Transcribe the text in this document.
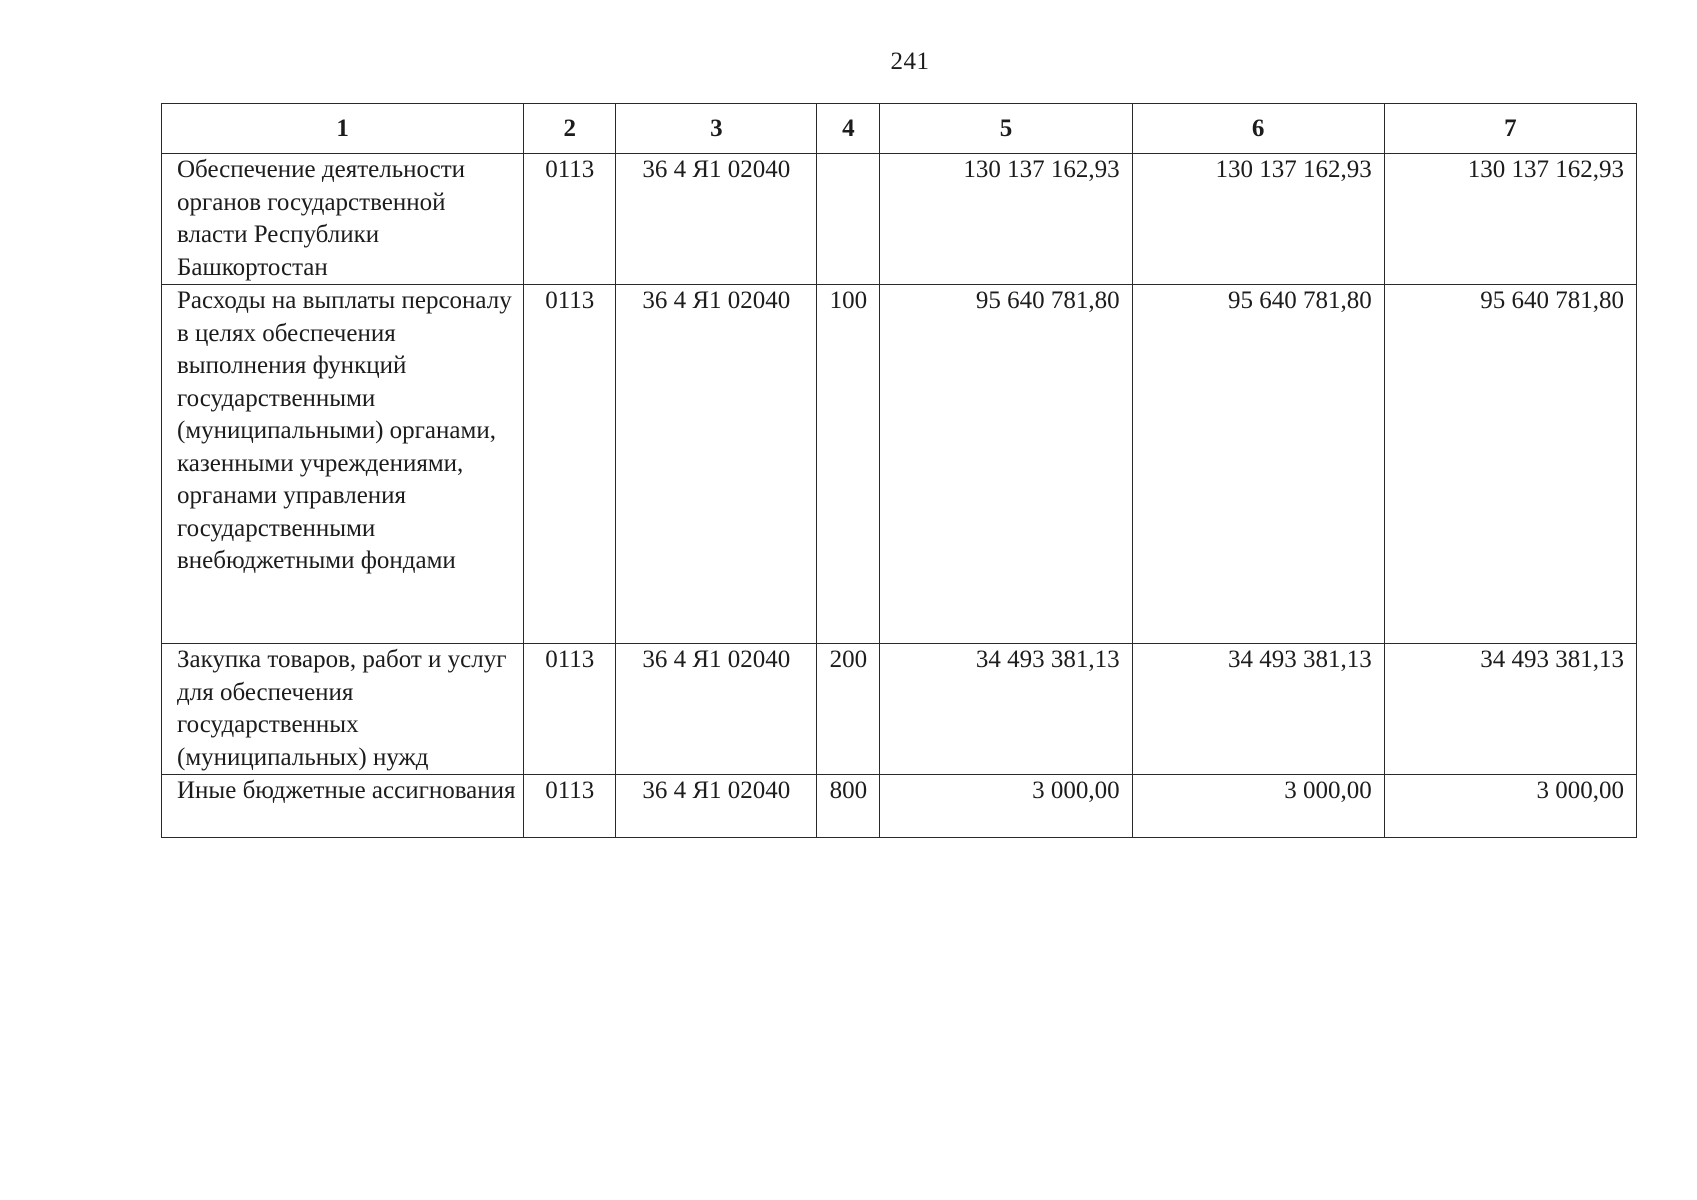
241
1	2	3	4	5	6	7
Обеспечение деятельности органов государственной власти Республики Башкортостан	0113	36 4 Я1 02040		130 137 162,93	130 137 162,93	130 137 162,93
Расходы на выплаты персоналу в целях обеспечения выполнения функций государственными (муниципальными) органами, казенными учреждениями, органами управления государственными внебюджетными фондами	0113	36 4 Я1 02040	100	95 640 781,80	95 640 781,80	95 640 781,80
Закупка товаров, работ и услуг для обеспечения государственных (муниципальных) нужд	0113	36 4 Я1 02040	200	34 493 381,13	34 493 381,13	34 493 381,13
Иные бюджетные ассигнования	0113	36 4 Я1 02040	800	3 000,00	3 000,00	3 000,00
